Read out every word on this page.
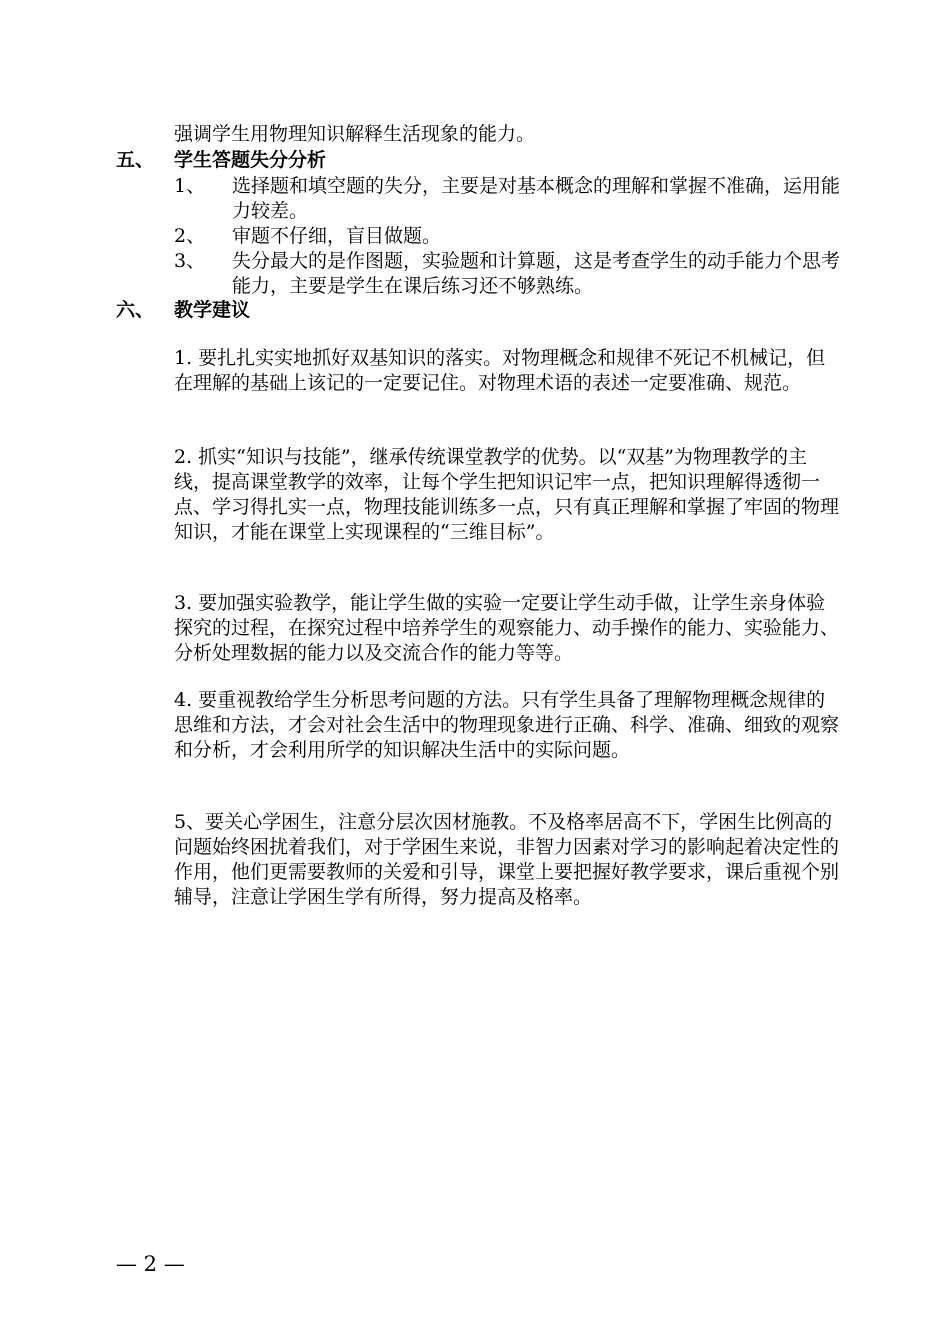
强调学生用物理知识解释生活现象的能力。
五、 学生答题失分分析
1、 选择题和填空题的失分，主要是对基本概念的理解和掌握不准确，运用能力较差。
2、 审题不仔细，盲目做题。
3、 失分最大的是作图题，实验题和计算题，这是考查学生的动手能力个思考能力，主要是学生在课后练习还不够熟练。
六、 教学建议
1. 要扎扎实实地抓好双基知识的落实。对物理概念和规律不死记不机械记，但在理解的基础上该记的一定要记住。对物理术语的表述一定要准确、规范。
2. 抓实“知识与技能”，继承传统课堂教学的优势。以“双基”为物理教学的主线，提高课堂教学的效率，让每个学生把知识记牢一点，把知识理解得透彻一点、学习得扎实一点，物理技能训练多一点，只有真正理解和掌握了牢固的物理知识，才能在课堂上实现课程的“三维目标”。
3. 要加强实验教学，能让学生做的实验一定要让学生动手做，让学生亲身体验探究的过程，在探究过程中培养学生的观察能力、动手操作的能力、实验能力、分析处理数据的能力以及交流合作的能力等等。
4. 要重视教给学生分析思考问题的方法。只有学生具备了理解物理概念规律的思维和方法，才会对社会生活中的物理现象进行正确、科学、准确、细致的观察和分析，才会利用所学的知识解决生活中的实际问题。
5、要关心学困生，注意分层次因材施教。不及格率居高不下，学困生比例高的问题始终困扰着我们，对于学困生来说，非智力因素对学习的影响起着决定性的作用，他们更需要教师的关爱和引导，课堂上要把握好教学要求，课后重视个别辅导，注意让学困生学有所得，努力提高及格率。
— 2 —
